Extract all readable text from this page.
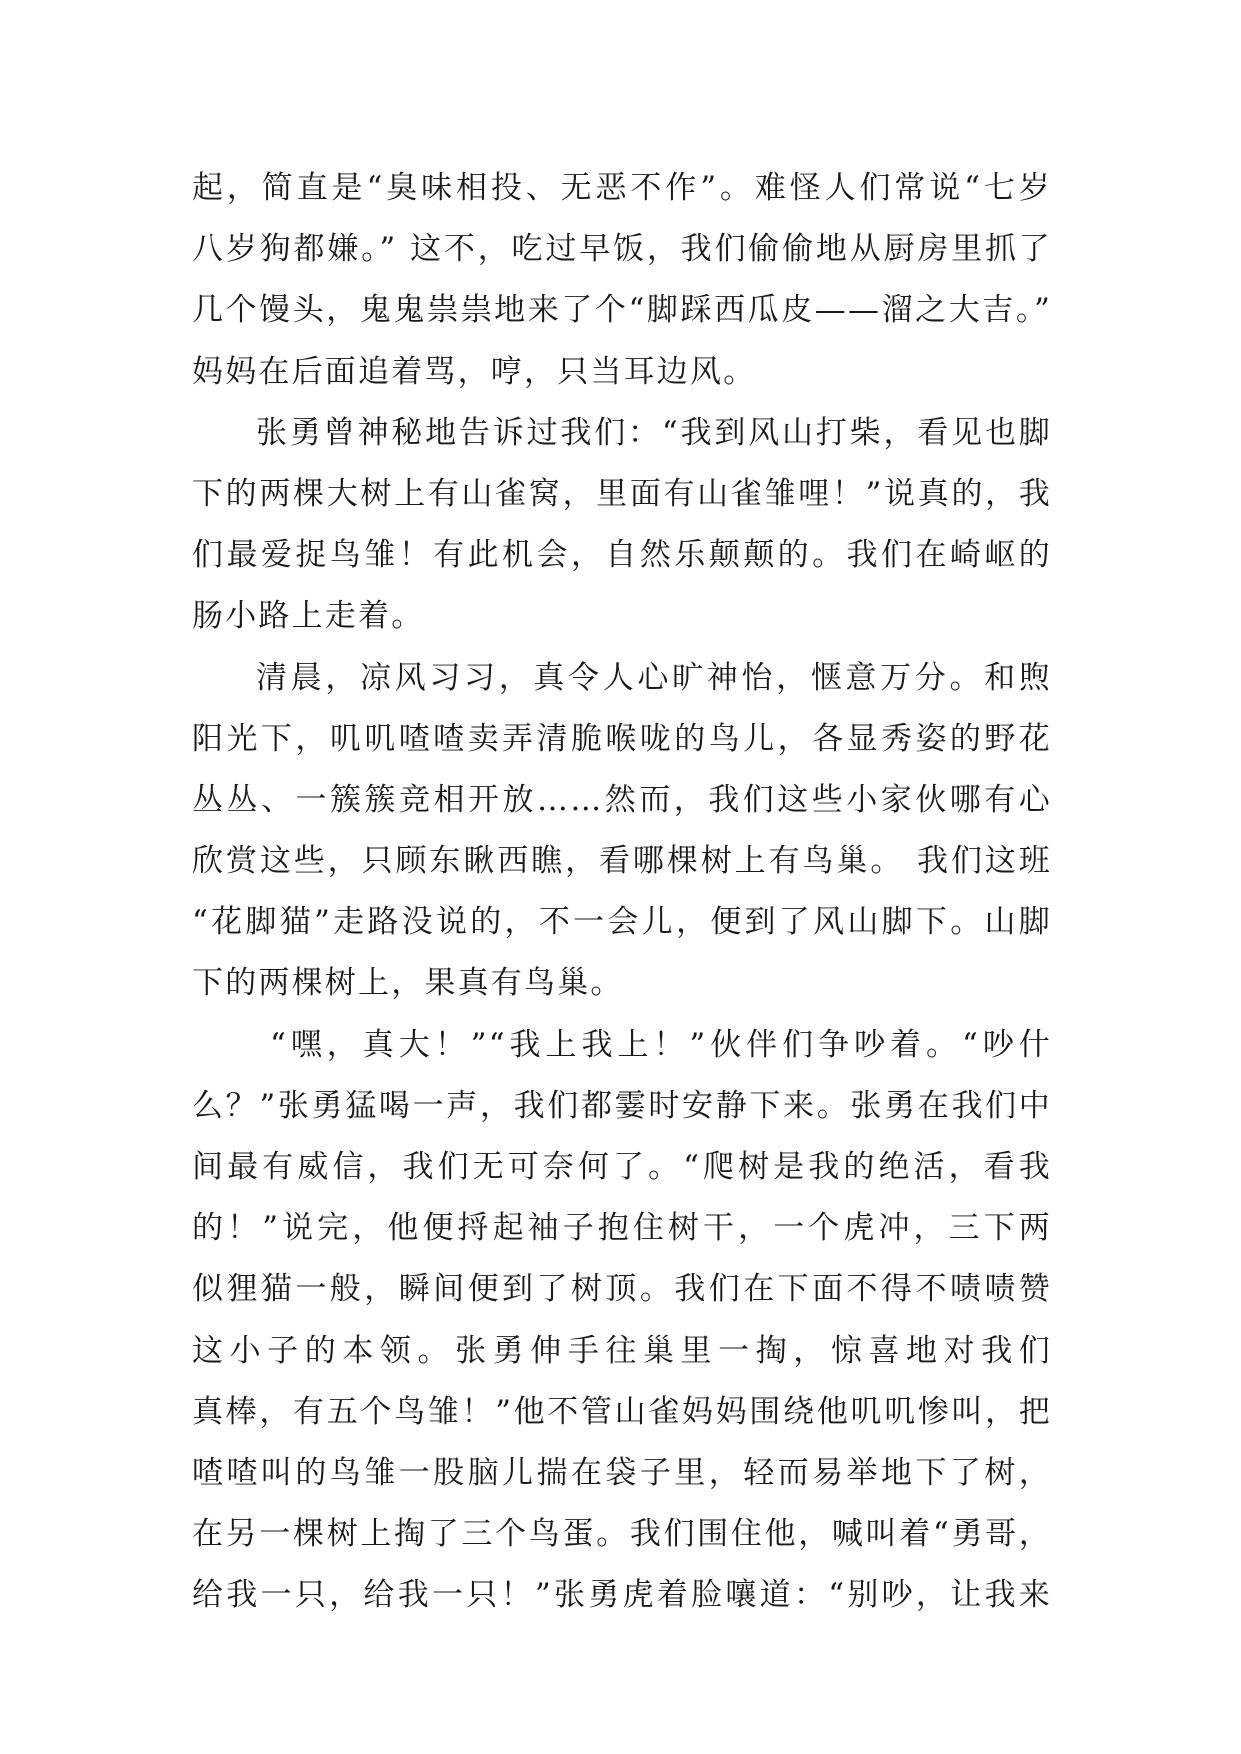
起，简直是“臭味相投、无恶不作”。难怪人们常说“七岁
八岁狗都嫌。” 这不，吃过早饭，我们偷偷地从厨房里抓了
几个馒头，鬼鬼祟祟地来了个“脚踩西瓜皮——溜之大吉。”
妈妈在后面追着骂，哼，只当耳边风。
张勇曾神秘地告诉过我们：“我到风山打柴，看见也脚
下的两棵大树上有山雀窝，里面有山雀雏哩！”说真的，我
们最爱捉鸟雏！有此机会，自然乐颠颠的。我们在崎岖的
肠小路上走着。
清晨，凉风习习，真令人心旷神怡，惬意万分。和煦
阳光下，叽叽喳喳卖弄清脆喉咙的鸟儿，各显秀姿的野花
丛丛、一簇簇竞相开放……然而，我们这些小家伙哪有心
欣赏这些，只顾东瞅西瞧，看哪棵树上有鸟巢。 我们这班
“花脚猫”走路没说的，不一会儿，便到了风山脚下。山脚
下的两棵树上，果真有鸟巢。
“嘿，真大！”“我上我上！”伙伴们争吵着。“吵什
么？”张勇猛喝一声，我们都霎时安静下来。张勇在我们中
间最有威信，我们无可奈何了。“爬树是我的绝活，看我
的！”说完，他便捋起袖子抱住树干，一个虎冲，三下两
似狸猫一般，瞬间便到了树顶。我们在下面不得不啧啧赞
这小子的本领。张勇伸手往巢里一掏，惊喜地对我们
真棒，有五个鸟雏！”他不管山雀妈妈围绕他叽叽惨叫，把
喳喳叫的鸟雏一股脑儿揣在袋子里，轻而易举地下了树，
在另一棵树上掏了三个鸟蛋。我们围住他，喊叫着“勇哥，
给我一只，给我一只！”张勇虎着脸嚷道：“别吵，让我来
